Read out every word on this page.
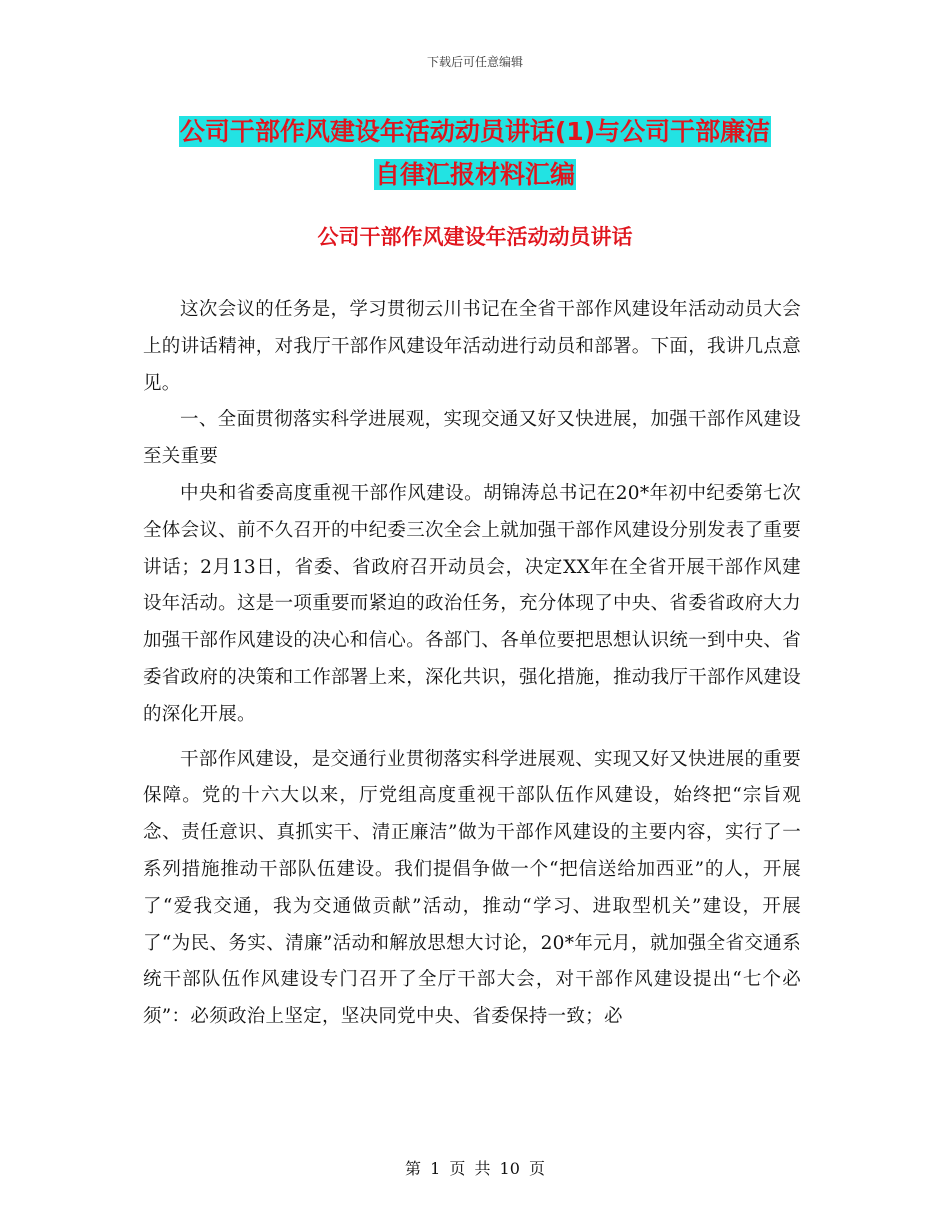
下载后可任意编辑
公司干部作风建设年活动动员讲话(1)与公司干部廉洁
自律汇报材料汇编
公司干部作风建设年活动动员讲话

这次会议的任务是，学习贯彻云川书记在全省干部作风建设年活动动员大会上的讲话精神，对我厅干部作风建设年活动进行动员和部署。下面，我讲几点意见。

一、全面贯彻落实科学进展观，实现交通又好又快进展，加强干部作风建设至关重要

中央和省委高度重视干部作风建设。胡锦涛总书记在20*年初中纪委第七次全体会议、前不久召开的中纪委三次全会上就加强干部作风建设分别发表了重要讲话；2月13日，省委、省政府召开动员会，决定XX年在全省开展干部作风建设年活动。这是一项重要而紧迫的政治任务，充分体现了中央、省委省政府大力加强干部作风建设的决心和信心。各部门、各单位要把思想认识统一到中央、省委省政府的决策和工作部署上来，深化共识，强化措施，推动我厅干部作风建设的深化开展。

干部作风建设，是交通行业贯彻落实科学进展观、实现又好又快进展的重要保障。党的十六大以来，厅党组高度重视干部队伍作风建设，始终把“宗旨观念、责任意识、真抓实干、清正廉洁”做为干部作风建设的主要内容，实行了一系列措施推动干部队伍建设。我们提倡争做一个“把信送给加西亚”的人，开展了“爱我交通，我为交通做贡献”活动，推动“学习、进取型机关”建设，开展了“为民、务实、清廉”活动和解放思想大讨论，20*年元月，就加强全省交通系统干部队伍作风建设专门召开了全厅干部大会，对干部作风建设提出“七个必须”：必须政治上坚定，坚决同党中央、省委保持一致；必

第 1 页 共 10 页
